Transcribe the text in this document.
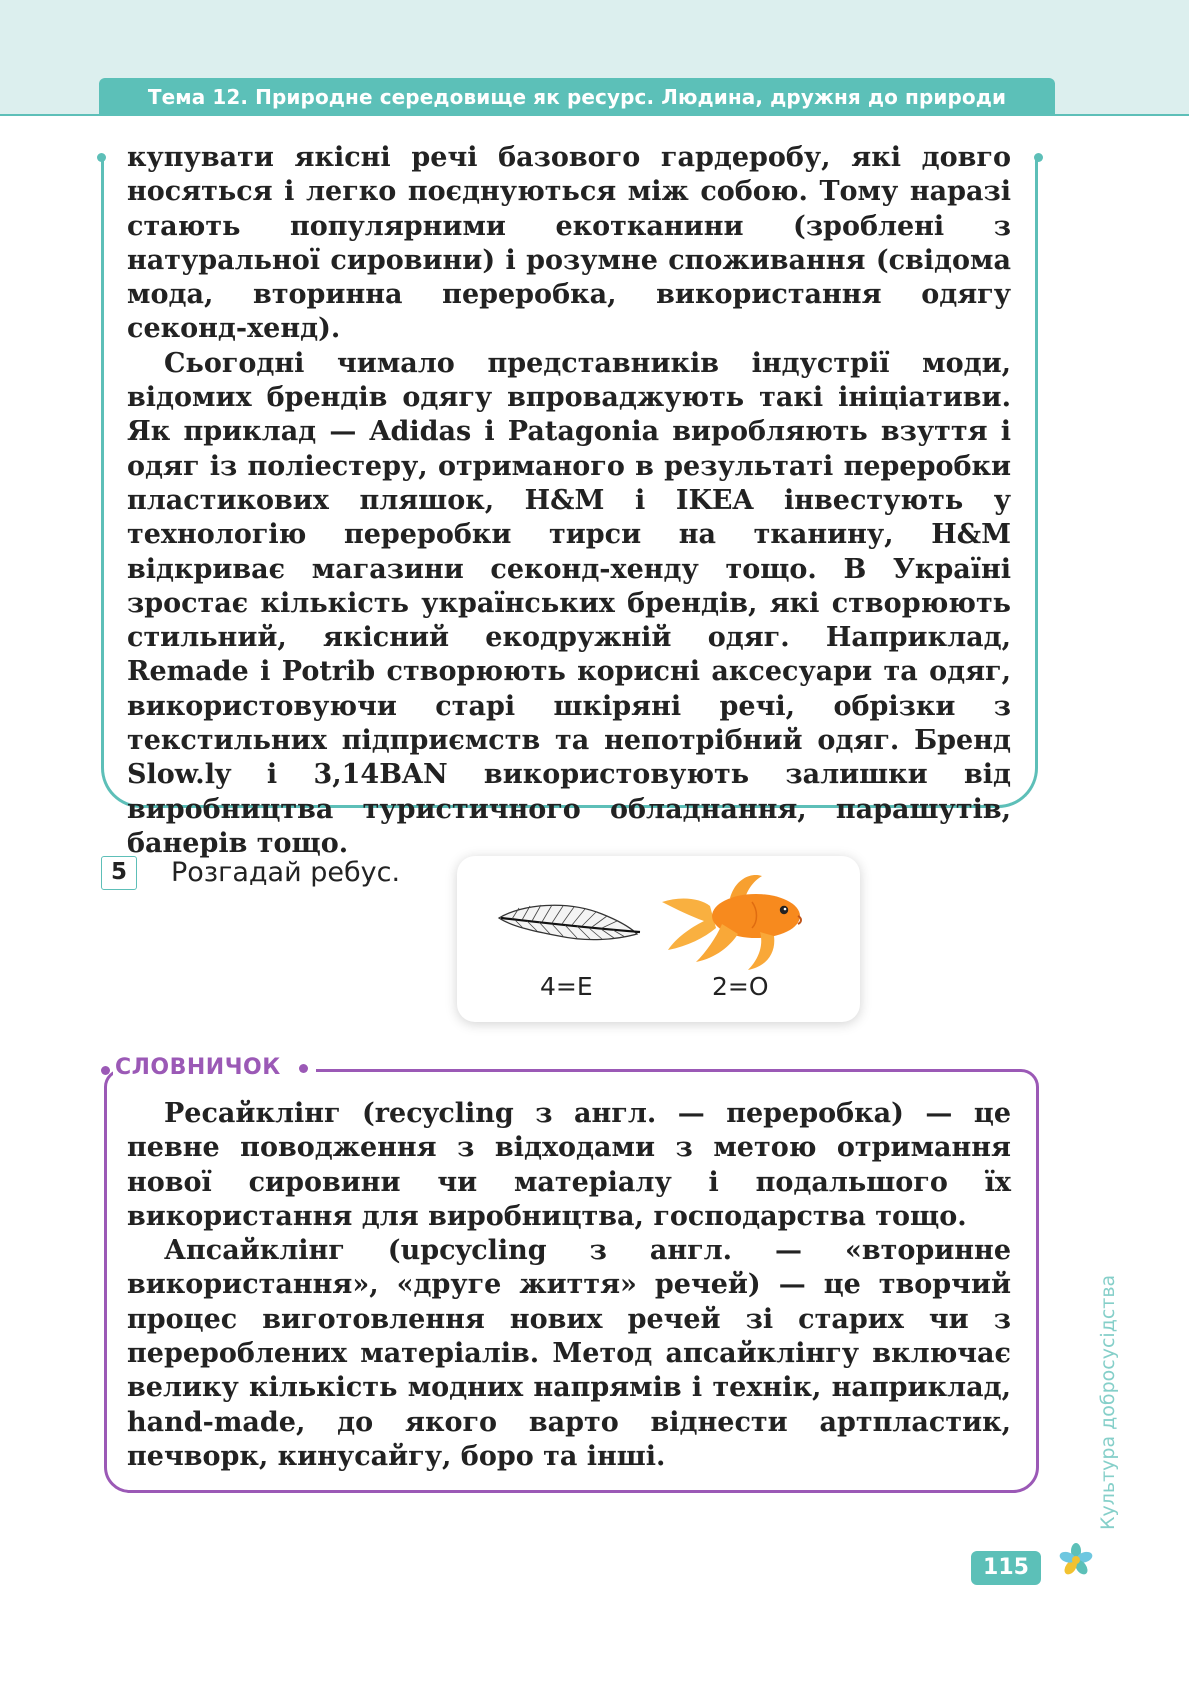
Тема 12. Природне середовище як ресурс. Людина, дружня до природи

купувати якісні речі базового гардеробу, які довго носяться і легко поєднуються між собою. Тому наразі стають популярними екотканини (зроблені з натуральної сировини) і розумне споживання (свідома мода, вторинна переробка, використання одягу секонд-хенд).

Сьогодні чимало представників індустрії моди, відомих брендів одягу впроваджують такі ініціативи. Як приклад — Adidas і Patagonia виробляють взуття і одяг із поліестеру, отриманого в результаті переробки пластикових пляшок, H&M і IKEA інвестують у технологію переробки тирси на тканину, H&M відкриває магазини секонд-хенду тощо. В Україні зростає кількість українських брендів, які створюють стильний, якісний екодружній одяг. Наприклад, Remade і Potrib створюють корисні аксесуари та одяг, використовуючи старі шкіряні речі, обрізки з текстильних підприємств та непотрібний одяг. Бренд Slow.ly і 3,14BAN використовують залишки від виробництва туристичного обладнання, парашутів, банерів тощо.

5	Розгадай ребус.
4=Е	2=О
СЛОВНИЧОК

Ресайклінг (recycling з англ. — переробка) — це певне поводження з відходами з метою отримання нової сировини чи матеріалу і подальшого їх використання для виробництва, господарства тощо.

Апсайклінг (upcycling з англ. — «вторинне використання», «друге життя» речей) — це творчий процес виготовлення нових речей зі старих чи з перероблених матеріалів. Метод апсайклінгу включає велику кількість модних напрямів і технік, наприклад, hand-made, до якого варто віднести артпластик, печворк, кинусайгу, боро та інші.	Культура добросусідства
115
